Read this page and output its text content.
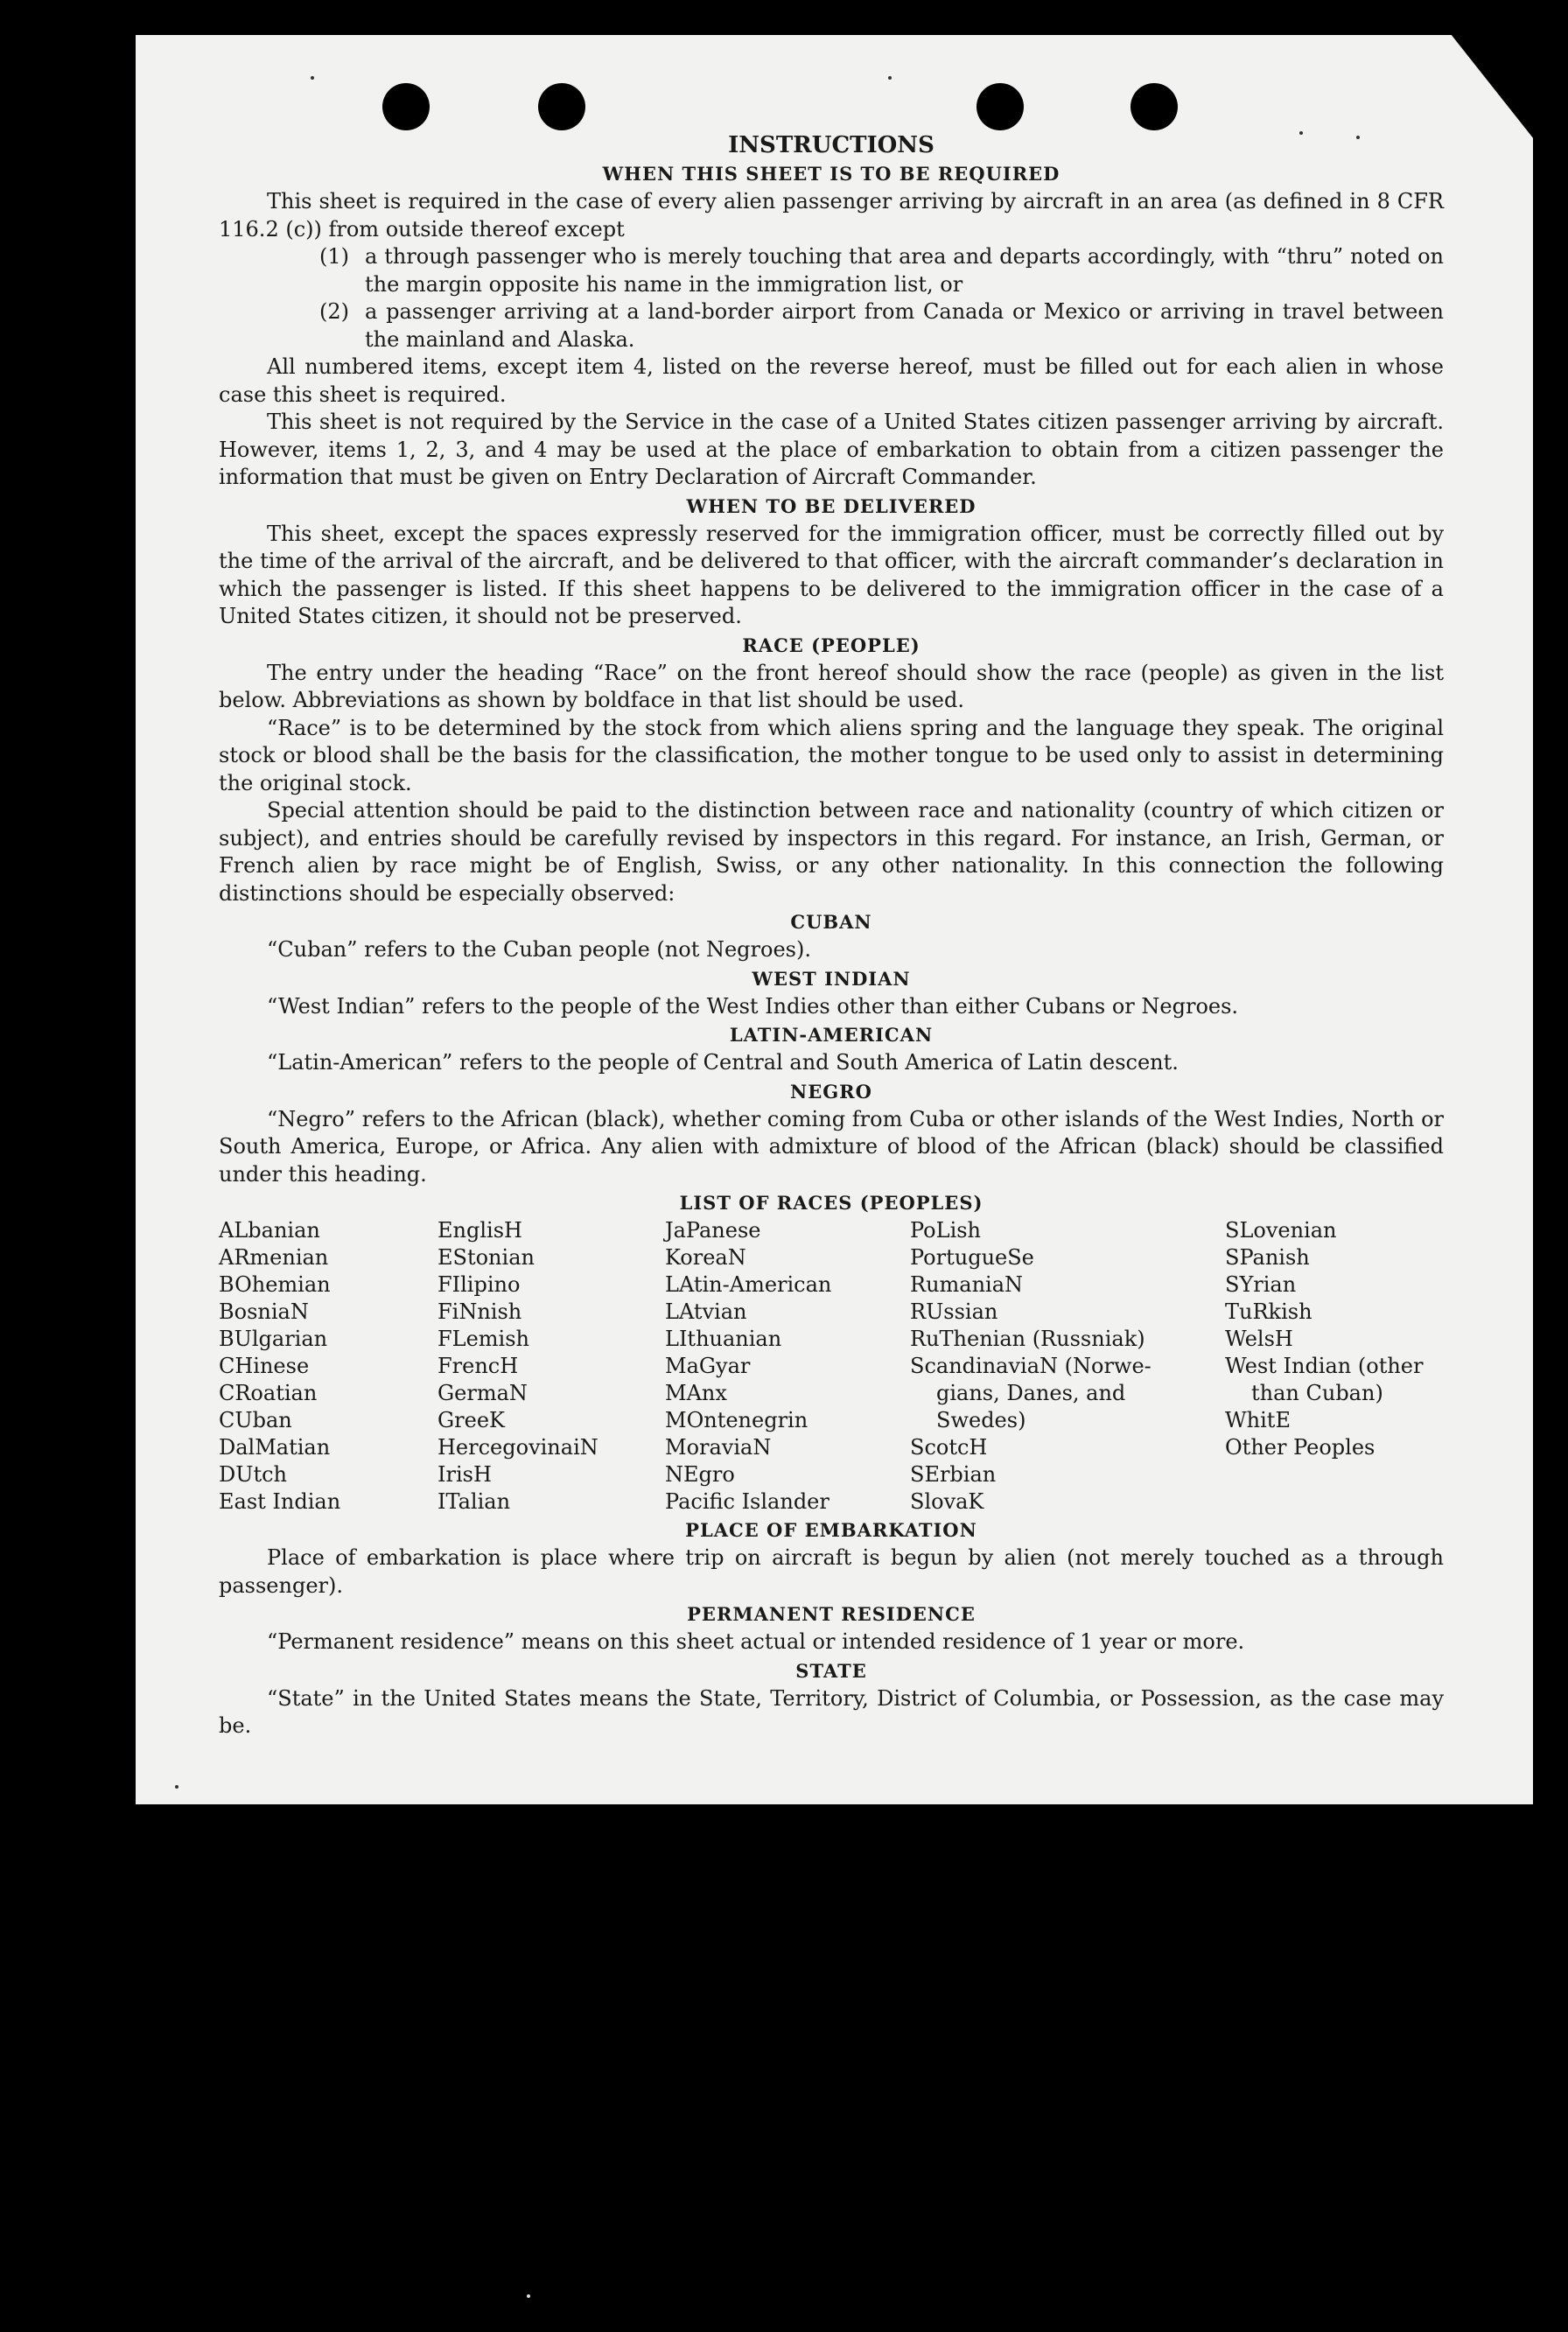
INSTRUCTIONS
WHEN THIS SHEET IS TO BE REQUIRED

This sheet is required in the case of every alien passenger arriving by aircraft in an area (as defined in 8 CFR 116.2 (c)) from outside thereof except

(1) a through passenger who is merely touching that area and departs accordingly, with “thru” noted on the margin opposite his name in the immigration list, or
(2) a passenger arriving at a land-border airport from Canada or Mexico or arriving in travel between the mainland and Alaska.

All numbered items, except item 4, listed on the reverse hereof, must be filled out for each alien in whose case this sheet is required.

This sheet is not required by the Service in the case of a United States citizen passenger arriving by aircraft. However, items 1, 2, 3, and 4 may be used at the place of embarkation to obtain from a citizen passenger the information that must be given on Entry Declaration of Aircraft Commander.

WHEN TO BE DELIVERED

This sheet, except the spaces expressly reserved for the immigration officer, must be correctly filled out by the time of the arrival of the aircraft, and be delivered to that officer, with the aircraft commander’s declaration in which the passenger is listed. If this sheet happens to be delivered to the immigration officer in the case of a United States citizen, it should not be preserved.

RACE (PEOPLE)

The entry under the heading “Race” on the front hereof should show the race (people) as given in the list below. Abbreviations as shown by boldface in that list should be used.

“Race” is to be determined by the stock from which aliens spring and the language they speak. The original stock or blood shall be the basis for the classification, the mother tongue to be used only to assist in determining the original stock.

Special attention should be paid to the distinction between race and nationality (country of which citizen or subject), and entries should be carefully revised by inspectors in this regard. For instance, an Irish, German, or French alien by race might be of English, Swiss, or any other nationality. In this connection the following distinctions should be especially observed:

CUBAN

“Cuban” refers to the Cuban people (not Negroes).

WEST INDIAN

“West Indian” refers to the people of the West Indies other than either Cubans or Negroes.

LATIN-AMERICAN

“Latin-American” refers to the people of Central and South America of Latin descent.

NEGRO

“Negro” refers to the African (black), whether coming from Cuba or other islands of the West Indies, North or South America, Europe, or Africa. Any alien with admixture of blood of the African (black) should be classified under this heading.

LIST OF RACES (PEOPLES)
ALbanian
ARmenian
BOhemian
BosniaN
BUlgarian
CHinese
CRoatian
CUban
DalMatian
DUtch
East Indian
EnglisH
EStonian
FIlipino
FiNnish
FLemish
FrencH
GermaN
GreeK
HercegovinaiN
IrisH
ITalian
JaPanese
KoreaN
LAtin-American
LAtvian
LIthuanian
MaGyar
MAnx
MOntenegrin
MoraviaN
NEgro
Pacific Islander
PoLish
PortugueSe
RumaniaN
RUssian
RuThenian (Russniak)
ScandinaviaN (Norwe-
gians, Danes, and
Swedes)
ScotcH
SErbian
SlovaK
SLovenian
SPanish
SYrian
TuRkish
WelsH
West Indian (other
than Cuban)
WhitE
Other Peoples
PLACE OF EMBARKATION

Place of embarkation is place where trip on aircraft is begun by alien (not merely touched as a through passenger).

PERMANENT RESIDENCE

“Permanent residence” means on this sheet actual or intended residence of 1 year or more.

STATE

“State” in the United States means the State, Territory, District of Columbia, or Possession, as the case may be.
